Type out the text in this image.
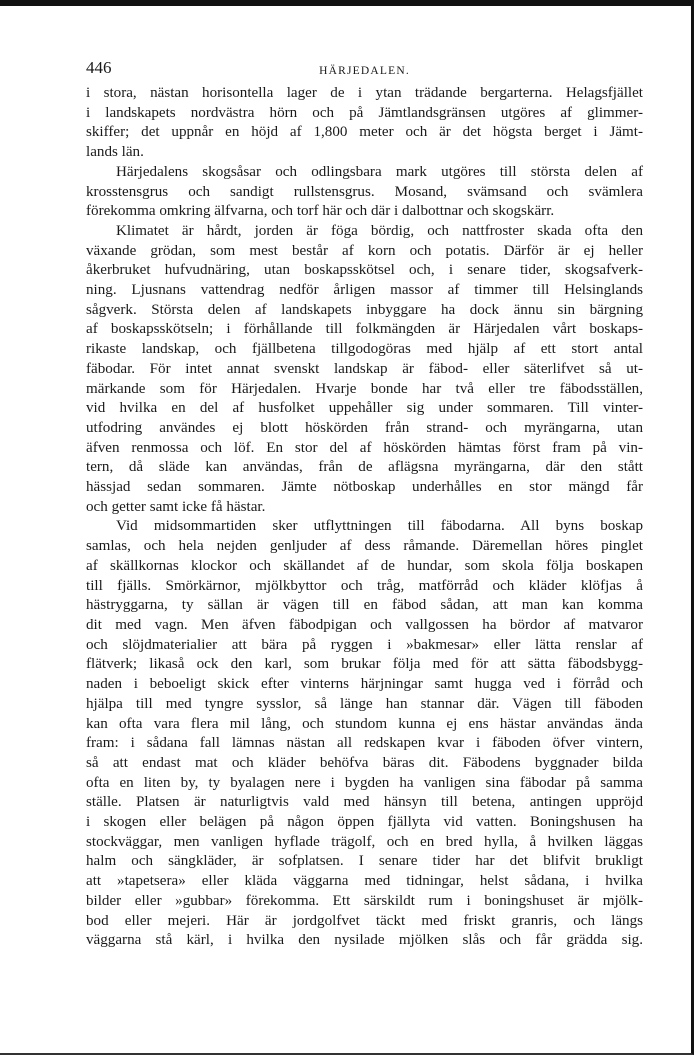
446	HÄRJEDALEN.
i stora, nästan horisontella lager de i ytan trädande bergarterna. Helagsfjället
i landskapets nordvästra hörn och på Jämtlandsgränsen utgöres af glimmer-
skiffer; det uppnår en höjd af 1,800 meter och är det högsta berget i Jämt-
lands län.
Härjedalens skogsåsar och odlingsbara mark utgöres till största delen af
krosstensgrus och sandigt rullstensgrus. Mosand, svämsand och svämlera
förekomma omkring älfvarna, och torf här och där i dalbottnar och skogskärr.
Klimatet är hårdt, jorden är föga bördig, och nattfroster skada ofta den
växande grödan, som mest består af korn och potatis. Därför är ej heller
åkerbruket hufvudnäring, utan boskapsskötsel och, i senare tider, skogsafverk-
ning. Ljusnans vattendrag nedför årligen massor af timmer till Helsinglands
sågverk. Största delen af landskapets inbyggare ha dock ännu sin bärgning
af boskapsskötseln; i förhållande till folkmängden är Härjedalen vårt boskaps-
rikaste landskap, och fjällbetena tillgodogöras med hjälp af ett stort antal
fäbodar. För intet annat svenskt landskap är fäbod- eller säterlifvet så ut-
märkande som för Härjedalen. Hvarje bonde har två eller tre fäbodsställen,
vid hvilka en del af husfolket uppehåller sig under sommaren. Till vinter-
utfodring användes ej blott höskörden från strand- och myrängarna, utan
äfven renmossa och löf. En stor del af höskörden hämtas först fram på vin-
tern, då släde kan användas, från de aflägsna myrängarna, där den stått
hässjad sedan sommaren. Jämte nötboskap underhålles en stor mängd får
och getter samt icke få hästar.
Vid midsommartiden sker utflyttningen till fäbodarna. All byns boskap
samlas, och hela nejden genljuder af dess råmande. Däremellan höres pinglet
af skällkornas klockor och skällandet af de hundar, som skola följa boskapen
till fjälls. Smörkärnor, mjölkbyttor och tråg, matförråd och kläder klöfjas å
hästryggarna, ty sällan är vägen till en fäbod sådan, att man kan komma
dit med vagn. Men äfven fäbodpigan och vallgossen ha bördor af matvaror
och slöjdmaterialier att bära på ryggen i »bakmesar» eller lätta renslar af
flätverk; likaså ock den karl, som brukar följa med för att sätta fäbodsbygg-
naden i beboeligt skick efter vinterns härjningar samt hugga ved i förråd och
hjälpa till med tyngre sysslor, så länge han stannar där. Vägen till fäboden
kan ofta vara flera mil lång, och stundom kunna ej ens hästar användas ända
fram: i sådana fall lämnas nästan all redskapen kvar i fäboden öfver vintern,
så att endast mat och kläder behöfva bäras dit. Fäbodens byggnader bilda
ofta en liten by, ty byalagen nere i bygden ha vanligen sina fäbodar på samma
ställe. Platsen är naturligtvis vald med hänsyn till betena, antingen uppröjd
i skogen eller belägen på någon öppen fjällyta vid vatten. Boningshusen ha
stockväggar, men vanligen hyflade trägolf, och en bred hylla, å hvilken läggas
halm och sängkläder, är sofplatsen. I senare tider har det blifvit brukligt
att »tapetsera» eller kläda väggarna med tidningar, helst sådana, i hvilka
bilder eller »gubbar» förekomma. Ett särskildt rum i boningshuset är mjölk-
bod eller mejeri. Här är jordgolfvet täckt med friskt granris, och längs
väggarna stå kärl, i hvilka den nysilade mjölken slås och får grädda sig.
